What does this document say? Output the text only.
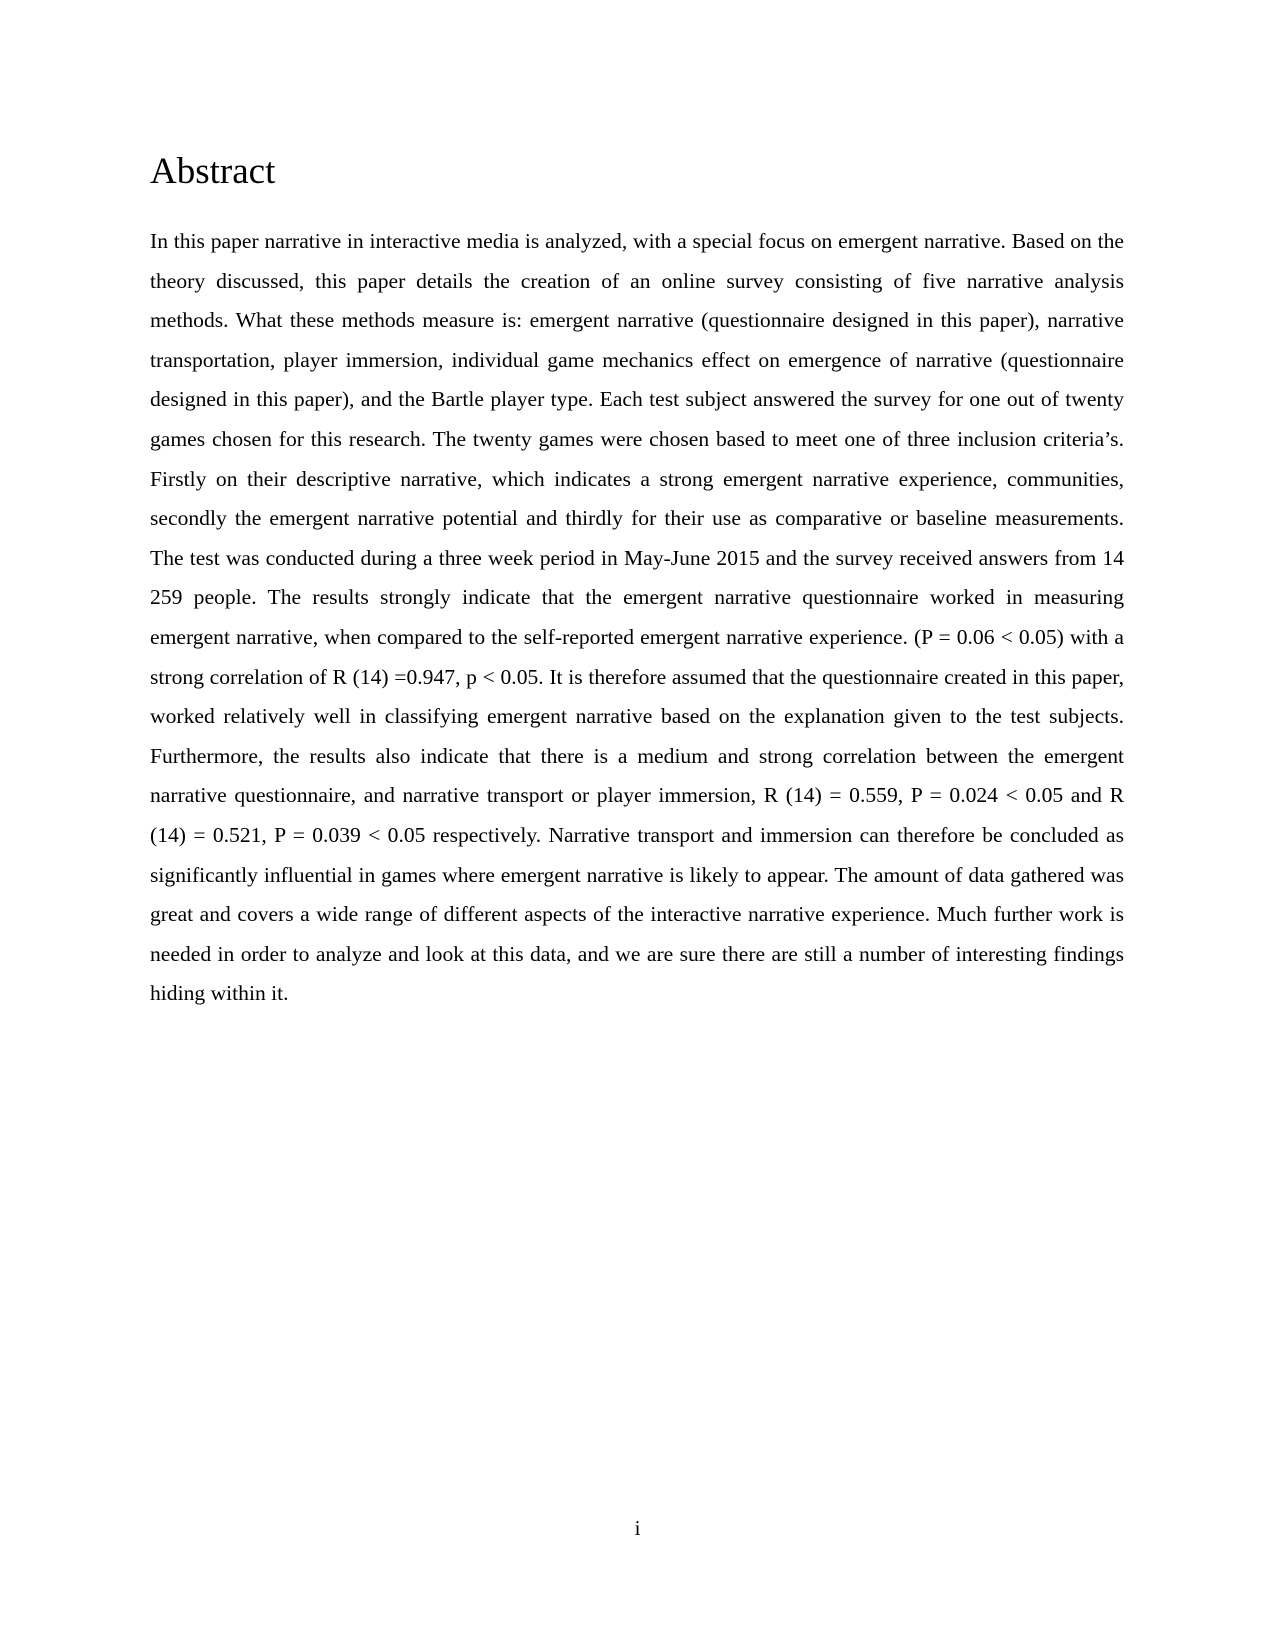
Abstract

In this paper narrative in interactive media is analyzed, with a special focus on emergent narrative. Based on the theory discussed, this paper details the creation of an online survey consisting of five narrative analysis methods. What these methods measure is: emergent narrative (questionnaire designed in this paper), narrative transportation, player immersion, individual game mechanics effect on emergence of narrative (questionnaire designed in this paper), and the Bartle player type. Each test subject answered the survey for one out of twenty games chosen for this research. The twenty games were chosen based to meet one of three inclusion criteria’s. Firstly on their descriptive narrative, which indicates a strong emergent narrative experience, communities, secondly the emergent narrative potential and thirdly for their use as comparative or baseline measurements. The test was conducted during a three week period in May-June 2015 and the survey received answers from 14 259 people. The results strongly indicate that the emergent narrative questionnaire worked in measuring emergent narrative, when compared to the self-reported emergent narrative experience. (P = 0.06 < 0.05) with a strong correlation of R (14) =0.947, p < 0.05. It is therefore assumed that the questionnaire created in this paper, worked relatively well in classifying emergent narrative based on the explanation given to the test subjects. Furthermore, the results also indicate that there is a medium and strong correlation between the emergent narrative questionnaire, and narrative transport or player immersion, R (14) = 0.559, P = 0.024 < 0.05 and R (14) = 0.521, P = 0.039 < 0.05 respectively. Narrative transport and immersion can therefore be concluded as significantly influential in games where emergent narrative is likely to appear. The amount of data gathered was great and covers a wide range of different aspects of the interactive narrative experience. Much further work is needed in order to analyze and look at this data, and we are sure there are still a number of interesting findings hiding within it.

i
